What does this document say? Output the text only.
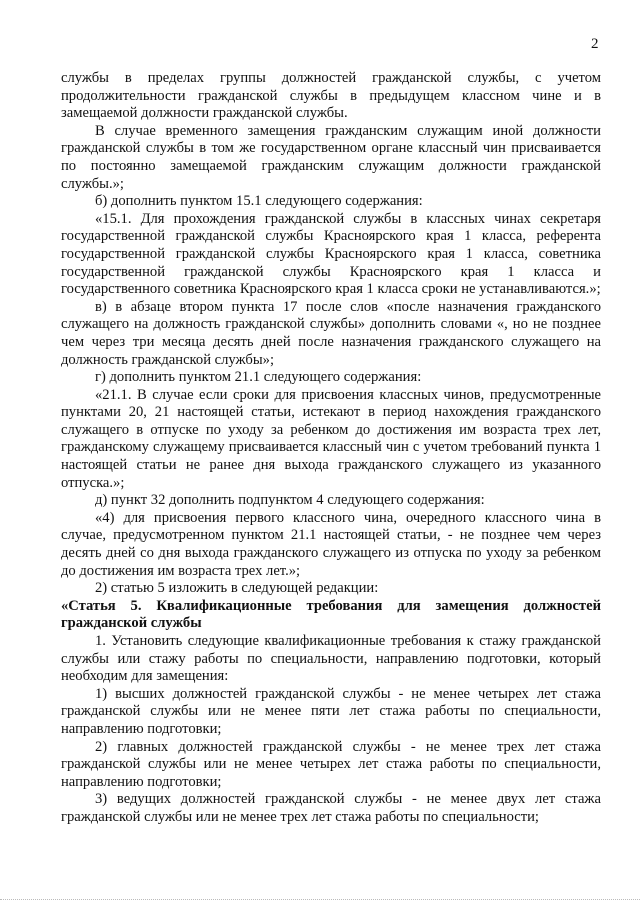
2

службы в пределах группы должностей гражданской службы, с учетом продолжительности гражданской службы в предыдущем классном чине и в замещаемой должности гражданской службы.

В случае временного замещения гражданским служащим иной должности гражданской службы в том же государственном органе классный чин присваивается по постоянно замещаемой гражданским служащим должности гражданской службы.»;

б) дополнить пунктом 15.1 следующего содержания:

«15.1. Для прохождения гражданской службы в классных чинах секретаря государственной гражданской службы Красноярского края 1 класса, референта государственной гражданской службы Красноярского края 1 класса, советника государственной гражданской службы Красноярского края 1 класса и государственного советника Красноярского края 1 класса сроки не устанавливаются.»;

в) в абзаце втором пункта 17 после слов «после назначения гражданского служащего на должность гражданской службы» дополнить словами «, но не позднее чем через три месяца десять дней после назначения гражданского служащего на должность гражданской службы»;

г) дополнить пунктом 21.1 следующего содержания:

«21.1. В случае если сроки для присвоения классных чинов, предусмотренные пунктами 20, 21 настоящей статьи, истекают в период нахождения гражданского служащего в отпуске по уходу за ребенком до достижения им возраста трех лет, гражданскому служащему присваивается классный чин с учетом требований пункта 1 настоящей статьи не ранее дня выхода гражданского служащего из указанного отпуска.»;

д) пункт 32 дополнить подпунктом 4 следующего содержания:

«4) для присвоения первого классного чина, очередного классного чина в случае, предусмотренном пунктом 21.1 настоящей статьи, - не позднее чем через десять дней со дня выхода гражданского служащего из отпуска по уходу за ребенком до достижения им возраста трех лет.»;

2) статью 5 изложить в следующей редакции:

«Статья 5. Квалификационные требования для замещения должностей гражданской службы

1. Установить следующие квалификационные требования к стажу гражданской службы или стажу работы по специальности, направлению подготовки, который необходим для замещения:

1) высших должностей гражданской службы - не менее четырех лет стажа гражданской службы или не менее пяти лет стажа работы по специальности, направлению подготовки;

2) главных должностей гражданской службы - не менее трех лет стажа гражданской службы или не менее четырех лет стажа работы по специальности, направлению подготовки;

3) ведущих должностей гражданской службы - не менее двух лет стажа гражданской службы или не менее трех лет стажа работы по специальности;
